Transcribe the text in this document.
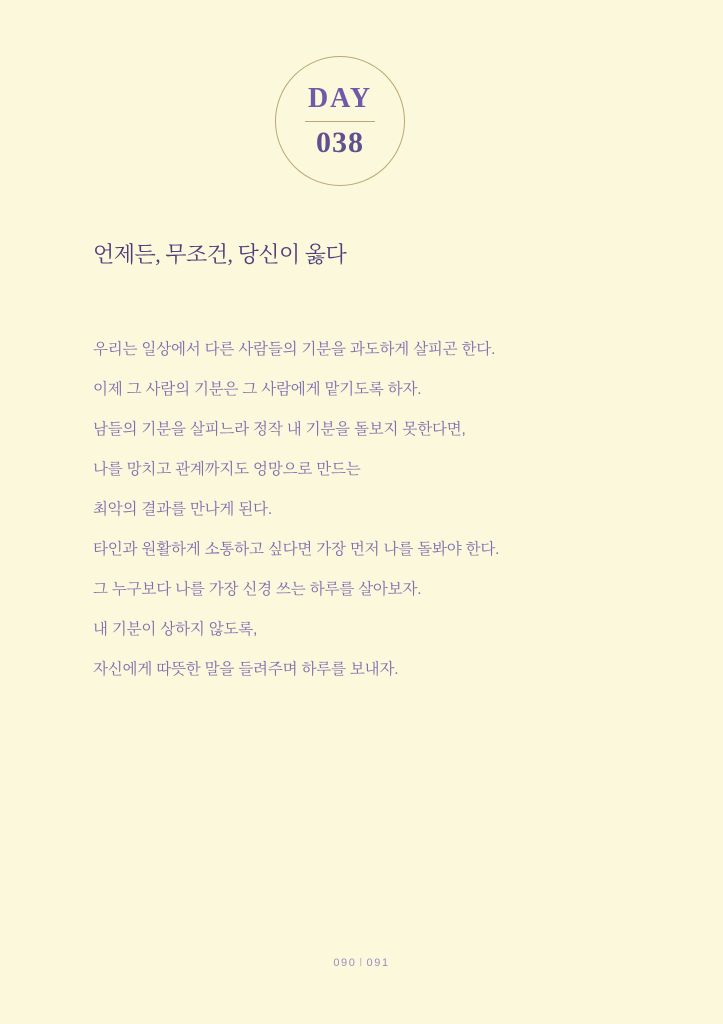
DAY
038
언제든, 무조건, 당신이 옳다
우리는 일상에서 다른 사람들의 기분을 과도하게 살피곤 한다.
이제 그 사람의 기분은 그 사람에게 맡기도록 하자.
남들의 기분을 살피느라 정작 내 기분을 돌보지 못한다면,
나를 망치고 관계까지도 엉망으로 만드는
최악의 결과를 만나게 된다.
타인과 원활하게 소통하고 싶다면 가장 먼저 나를 돌봐야 한다.
그 누구보다 나를 가장 신경 쓰는 하루를 살아보자.
내 기분이 상하지 않도록,
자신에게 따뜻한 말을 들려주며 하루를 보내자.
090 l 091
